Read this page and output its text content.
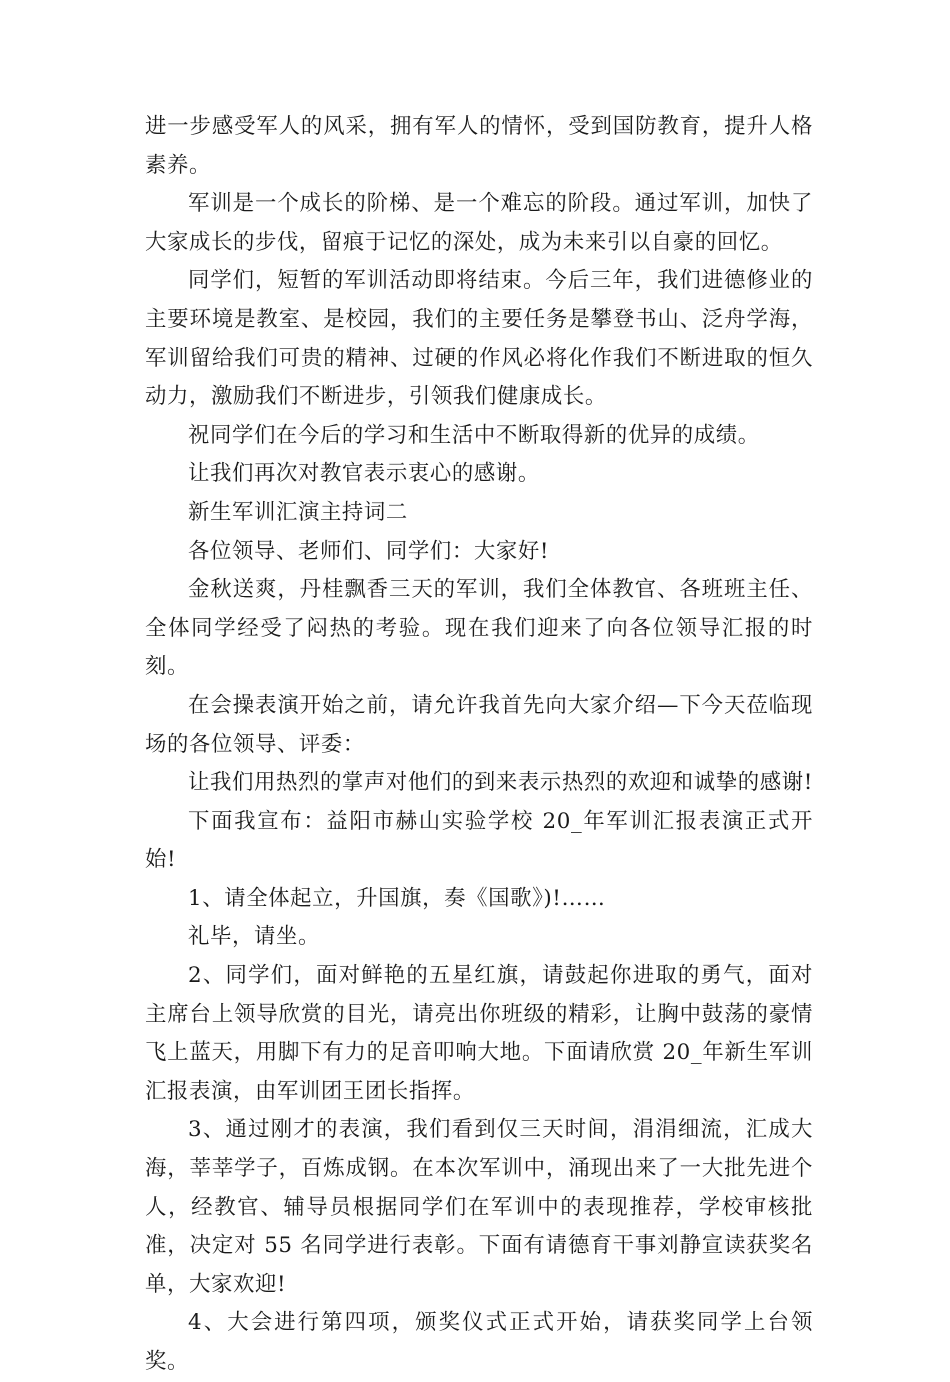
进一步感受军人的风采，拥有军人的情怀，受到国防教育，提升人格素养。

军训是一个成长的阶梯、是一个难忘的阶段。通过军训，加快了大家成长的步伐，留痕于记忆的深处，成为未来引以自豪的回忆。

同学们，短暂的军训活动即将结束。今后三年，我们进德修业的主要环境是教室、是校园，我们的主要任务是攀登书山、泛舟学海，军训留给我们可贵的精神、过硬的作风必将化作我们不断进取的恒久动力，激励我们不断进步，引领我们健康成长。

祝同学们在今后的学习和生活中不断取得新的优异的成绩。

让我们再次对教官表示衷心的感谢。

新生军训汇演主持词二

各位领导、老师们、同学们：大家好!

金秋送爽，丹桂飘香三天的军训，我们全体教官、各班班主任、全体同学经受了闷热的考验。现在我们迎来了向各位领导汇报的时刻。

在会操表演开始之前，请允许我首先向大家介绍—下今天莅临现场的各位领导、评委：

让我们用热烈的掌声对他们的到来表示热烈的欢迎和诚挚的感谢!

下面我宣布：益阳市赫山实验学校 20_年军训汇报表演正式开始!

1、请全体起立，升国旗，奏《国歌》)!……

礼毕，请坐。

2、同学们，面对鲜艳的五星红旗，请鼓起你进取的勇气，面对主席台上领导欣赏的目光，请亮出你班级的精彩，让胸中鼓荡的豪情飞上蓝天，用脚下有力的足音叩响大地。下面请欣赏 20_年新生军训汇报表演，由军训团王团长指挥。

3、通过刚才的表演，我们看到仅三天时间，涓涓细流，汇成大海，莘莘学子，百炼成钢。在本次军训中，涌现出来了一大批先进个人，经教官、辅导员根据同学们在军训中的表现推荐，学校审核批准，决定对 55 名同学进行表彰。下面有请德育干事刘静宣读获奖名单，大家欢迎!

4、大会进行第四项，颁奖仪式正式开始，请获奖同学上台领奖。
